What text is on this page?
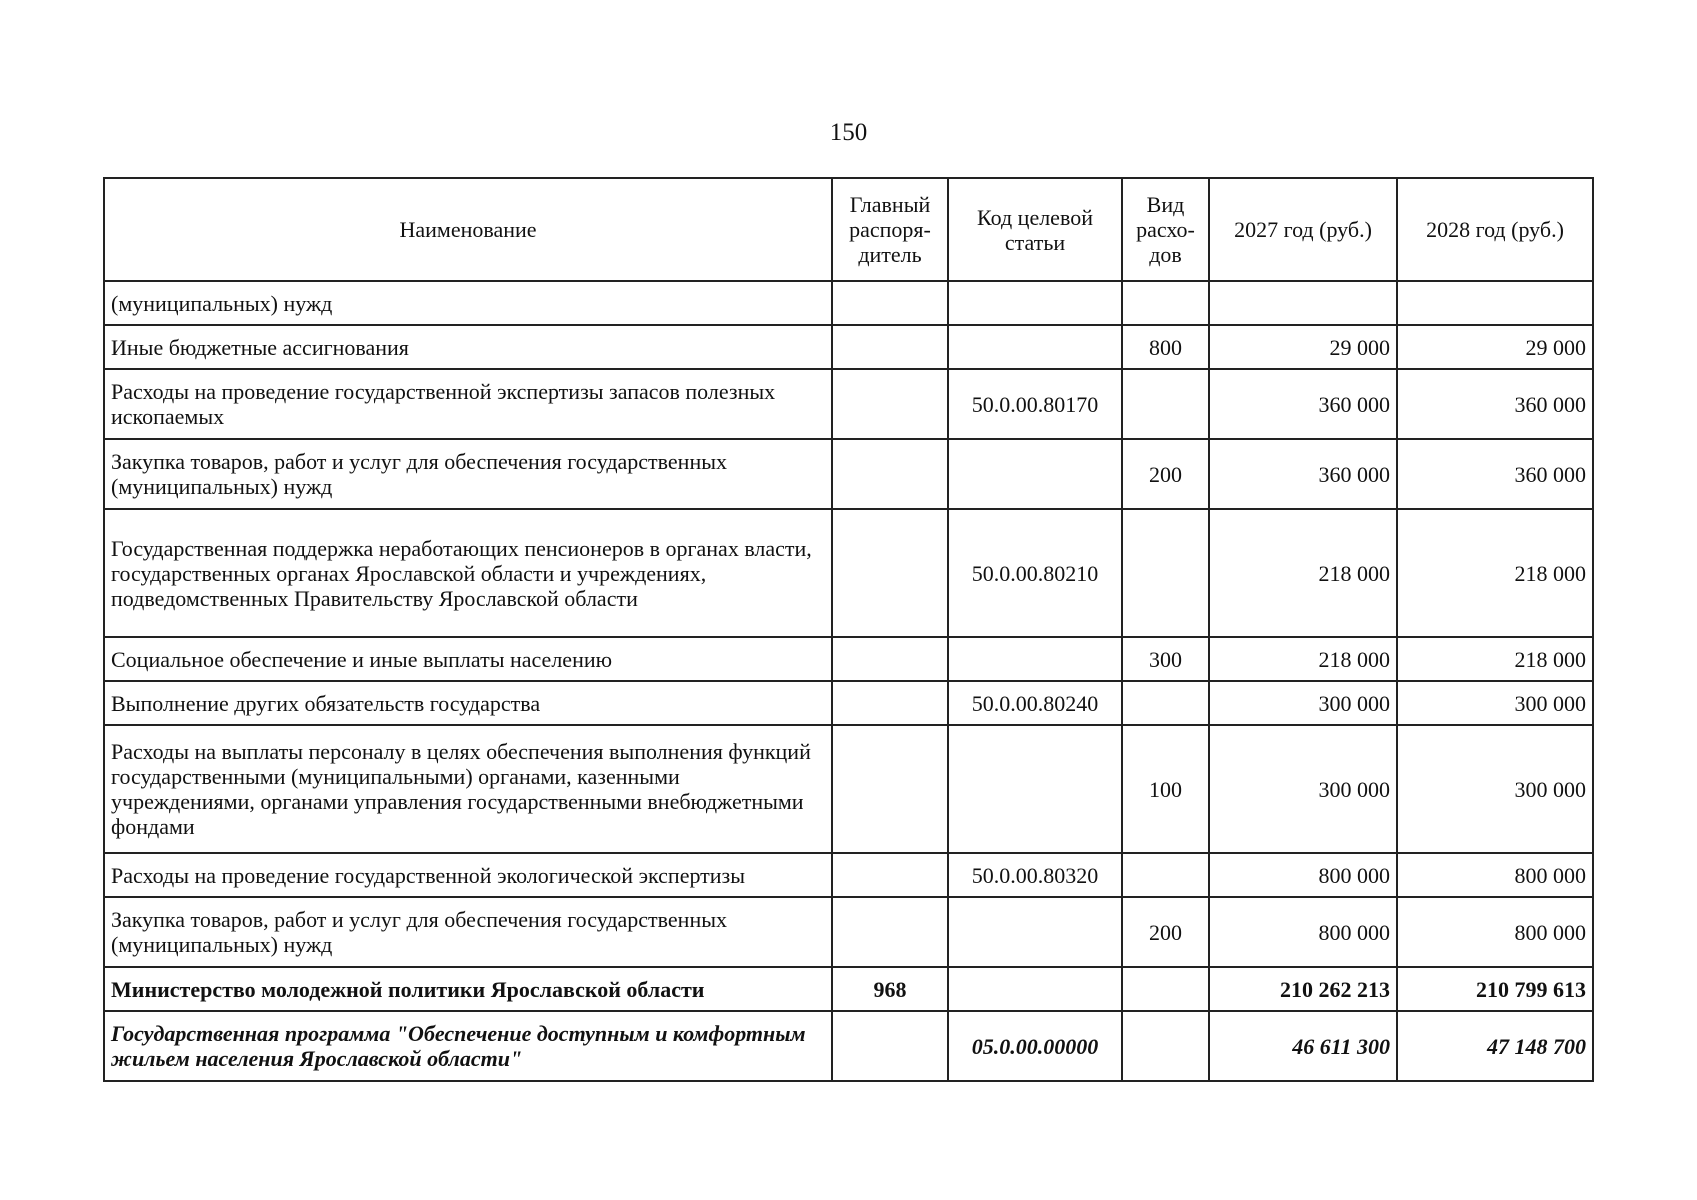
150
Наименование	Главный распоря-дитель	Код целевой статьи	Вид расхо-дов	2027 год (руб.)	2028 год (руб.)
(муниципальных) нужд					
Иные бюджетные ассигнования			800	29 000	29 000
Расходы на проведение государственной экспертизы запасов полезных ископаемых		50.0.00.80170		360 000	360 000
Закупка товаров, работ и услуг для обеспечения государственных (муниципальных) нужд			200	360 000	360 000
Государственная поддержка неработающих пенсионеров в органах власти, государственных органах Ярославской области и учреждениях, подведомственных Правительству Ярославской области		50.0.00.80210		218 000	218 000
Социальное обеспечение и иные выплаты населению			300	218 000	218 000
Выполнение других обязательств государства		50.0.00.80240		300 000	300 000
Расходы на выплаты персоналу в целях обеспечения выполнения функций государственными (муниципальными) органами, казенными учреждениями, органами управления государственными внебюджетными фондами			100	300 000	300 000
Расходы на проведение государственной экологической экспертизы		50.0.00.80320		800 000	800 000
Закупка товаров, работ и услуг для обеспечения государственных (муниципальных) нужд			200	800 000	800 000
Министерство молодежной политики Ярославской области	968			210 262 213	210 799 613
Государственная программа "Обеспечение доступным и комфортным жильем населения Ярославской области"		05.0.00.00000		46 611 300	47 148 700
